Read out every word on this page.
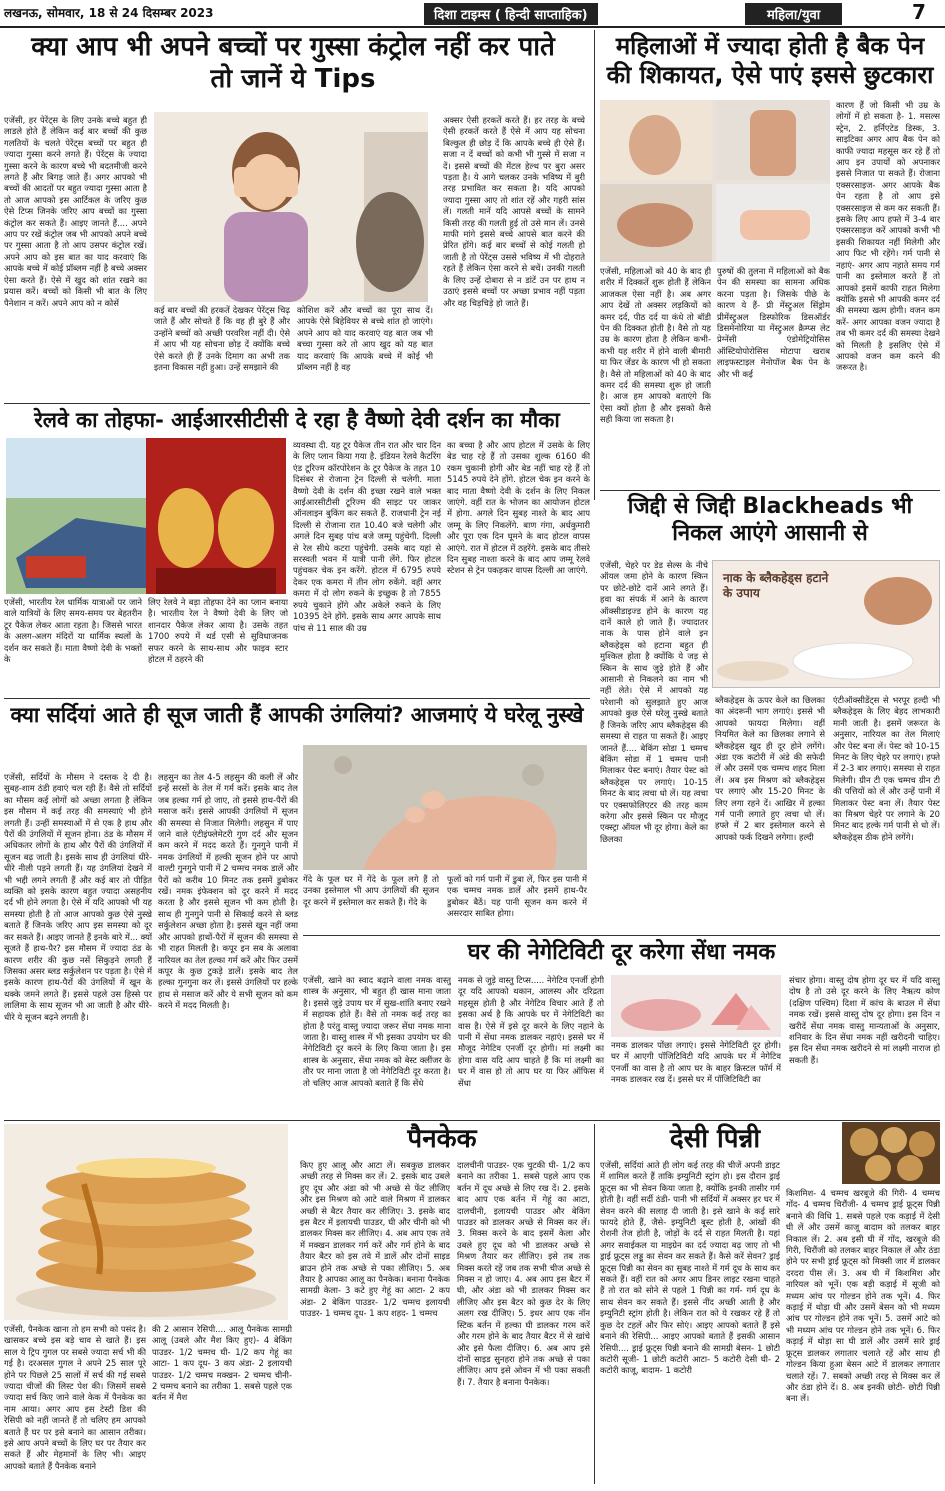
लखनऊ, सोमवार, 18 से 24 दिसम्बर 2023	दिशा टाइम्स ( हिन्दी साप्ताहिक)	महिला/युवा	7
क्या आप भी अपने बच्चों पर गुस्सा कंट्रोल नहीं कर पाते तो जानें ये Tips
एजेंसी, हर पेरेंट्स के लिए उनके बच्चे बहुत ही लाडले होते हैं लेकिन कई बार बच्चों की कुछ गलतियों के चलते पेरेंट्स बच्चों पर बहुत ही ज्यादा गुस्सा करने लगते हैं। पेरेंट्स के ज्यादा गुस्सा करने के कारण बच्चे भी बदतमीजी करने लगते हैं और बिगड़ जाते हैं। अगर आपको भी बच्चों की आदतों पर बहुत ज्यादा गुस्सा आता है तो आज आपको इस आर्टिकल के जरिए कुछ ऐसे टिप्स जिनके जरिए आप बच्चों का गुस्सा कंट्रोल कर सकते हैं। आइए जानते हैं.... अपने आप पर रखें कंट्रोल जब भी आपको अपने बच्चे पर गुस्सा आता है तो आप उसपर कंट्रोल रखें। अपने आप को इस बात का याद करवाएं कि आपके बच्चे में कोई प्रॉब्लम नहीं है बच्चे अक्सर ऐसा करते हैं। ऐसे में खुद को शांत रखने का प्रयास करें। बच्चों को किसी भी बात के लिए पैनेशान न करें। अपने आप को न कोसें
कई बार बच्चों की हरकतें देखकर पेरेंट्स चिढ़ जाते हैं और सोचते हैं कि वह ही बुरे हैं और उन्होंने बच्चों को अच्छी परवरिश नहीं दी। ऐसे में आप भी यह सोचना छोड़ दें क्योंकि बच्चे ऐसे करते ही हैं उनके दिमाग का अभी तक इतना विकास नहीं हुआ। उन्हें समझाने की
कोशिश करें और बच्चों का पूरा साथ दें। आपके ऐसे बिहेवियर से बच्चे शांत हो जाएंगे। अपने आप को याद करवाएं यह बात जब भी बच्चा गुस्सा करे तो आप खुद को यह बात याद करवाएं कि आपके बच्चे में कोई भी प्रॉब्लम नहीं है वह
अक्सर ऐसी हरकतें करते हैं। हर तरह के बच्चे ऐसी हरकतें करते हैं ऐसे में आप यह सोचना बिल्कुल ही छोड़ दें कि आपके बच्चे ही ऐसे हैं। सजा न दें बच्चों को कभी भी गुस्से में सजा न दें। इससे बच्चों की मेंटल हेल्थ पर बुरा असर पड़ता है। ये आगे चलकर उनके भविष्य में बुरी तरह प्रभावित कर सकता है। यदि आपको ज्यादा गुस्सा आए तो शांत रहें और गहरी सांस लें। गलती मानें यदि आपसे बच्चों के सामने किसी तरह की गलती हुई तो उसे मान लें। उनसे माफी मांगे इससे बच्चे आपसे बात करने की प्रेरित होंगे। कई बार बच्चों से कोई गलती हो जाती है तो पेरेंट्स उससे भविष्य में भी दोहराते रहते हैं लेकिन ऐसा करने से बचें। उनकी गलती के लिए उन्हें दोबारा से न डांटें उन पर हाथ न उठाएं इससे बच्चों पर अच्छा प्रभाव नहीं पड़ता और वह चिड़चिड़े हो जाते हैं।
महिलाओं में ज्यादा होती है बैक पेन की शिकायत, ऐसे पाएं इससे छुटकारा
एजेंसी, महिलाओं को 40 के बाद ही शरीर में दिक्कतें शुरू होती हैं लेकिन आजकल ऐसा नहीं है। अब अगर आप देखें तो अक्सर लड़कियों को कमर दर्द, पीठ दर्द या कंधे तो बॉडी पेन की दिक्कत होती है। वैसे तो यह उम्र के कारण होता है लेकिन कभी-कभी यह शरीर में होने वाली बीमारी या फिर जेंडर के कारण भी हो सकता है। वैसे तो महिलाओं को 40 के बाद कमर दर्द की समस्या शुरू हो जाती है। आज हम आपको बताएंगे कि ऐसा क्यों होता है और इसको कैसे सही किया जा सकता है।
पुरुषों की तुलना में महिलाओं को बैक पेन की समस्या का सामना अधिक करना पड़ता है। जिसके पीछे के कारण ये हैं- प्री मेंस्ट्रुअल सिंड्रोम प्रीमेंस्ट्रुअल डिस्फोरिक डिसऑर्डर डिसमेनोरिया या मेंस्ट्रुअल क्रैम्प्स लेट प्रेग्नेंसी एंडोमेट्रियोसिस ऑस्टियोपोरोसिस मोटापा खराब लाइफस्टाइल मेनोपॉज बैक पेन के और भी कई
कारण हैं जो किसी भी उम्र के लोगों में हो सकता है- 1. मसल्स स्ट्रेन, 2. हर्निएटेड डिस्क, 3. साइटिका अगर आप बैक पेन को काफी ज्यादा महसूस कर रहे हैं तो आप इन उपायों को अपनाकर इससे निजात पा सकते हैं। रोजाना एक्सरसाइज- अगर आपके बैक पेन रहता है तो आप इसे एक्सरसाइज से कम कर सकती हैं। इसके लिए आप हफ्ते में 3-4 बार एक्सरसाइज करें आपको कभी भी इसकी शिकायत नहीं मिलेगी और आप फिट भी रहेंगे। गर्म पानी से नहाएं- अगर आप नहाते समय गर्म पानी का इस्तेमाल करते हैं तो आपको इसमें काफी राहत मिलेगा क्योंकि इससे भी आपकी कमर दर्द की समस्या खत्म होगी। वजन कम करें- अगर आपका वजन ज्यादा है तब भी कमर दर्द की समस्या देखने को मिलती है इसलिए ऐसे में आपको वजन कम करने की जरूरत है।
रेलवे का तोहफा- आईआरसीटीसी दे रहा है वैष्णो देवी दर्शन का मौका
एजेंसी, भारतीय रेल धार्मिक यात्राओं पर जाने वाले यात्रियों के लिए समय-समय पर बेहतरीन टूर पैकेज लेकर आता रहता है। जिससे भारत के अलग-अलग मंदिरों या धार्मिक स्थलों के दर्शन कर सकते हैं। माता वैष्णो देवी के भक्तों के
लिए रेलवे ने बड़ा तोहफा देने का प्लान बनाया है। भारतीय रेल ने वैष्णो देवी के लिए जो शानदार पैकेज लेकर आया है। उसके तहत 1700 रुपये में थर्ड एसी से सुविधाजनक सफर करने के साथ-साथ और फाइव स्टार होटल में ठहरने की
व्यवस्था दी. यह टूर पैकेज तीन रात और चार दिन के लिए प्लान किया गया है. इंडियन रेलवे कैटरिंग एंड टूरिज्म कॉरपोरेशन के टूर पैकेज के तहत 10 दिसंबर से रोजाना ट्रेन दिल्ली से चलेगी. माता वैष्णो देवी के दर्शन की इच्छा रखने वाले भक्त आईआरसीटीसी टूरिज्म की साइट पर जाकर ऑनलाइन बुकिंग कर सकते हैं. राजधानी ट्रेन नई दिल्ली से रोजाना रात 10.40 बजे चलेगी और अगले दिन सुबह पांच बजे जम्मू पहुंचेगी. दिल्ली से रेल सीधे कटरा पहुंचेगी. उसके बाद यहां से सरस्वती भवन में यात्री पानी लेंगे. फिर होटल पहुंचकर चेक इन करेंगे. होटल में 6795 रुपये देकर एक कमरा में तीन लोग रुकेंगे. वहीं अगर कमरा में दो लोग रुकने के इच्छुक है तो 7855 रुपये चुकाने होंगे और अकेले रुकने के लिए 10395 देने होंगे. इसके साथ अगर आपके साथ पांच से 11 साल की उम्र
का बच्चा है और आप होटल में उसके के लिए बेड चाह रहे हैं तो उसका शुल्क 6160 की रकम चुकानी होगी और बेड नहीं चाह रहे हैं तो 5145 रुपये देने होंगे. होटल चेक इन करने के बाद माता वैष्णो देवी के दर्शन के लिए निकल जाएंगे. वहीं रात के भोजन का आयोजन होटल में होगा. अगले दिन सुबह नाश्ते के बाद आप जम्मू के लिए निकलेंगे. बाण गंगा, अर्धकुमारी और पूरा एक दिन घूमने के बाद होटल वापस आएंगे. रात में होटल में ठहरेंगे. इसके बाद तीसरे दिन सुबह नाश्ता करने के बाद आप जम्मू रेलवे स्टेशन से ट्रेन पकड़कर वापस दिल्ली आ जाएंगे.
जिद्दी से जिद्दी Blackheads भी निकल आएंगे आसानी से
नाक के ब्लैकहेड्स हटाने के उपाय
एजेंसी, चेहरे पर डेड सेल्स के नीचे ऑयल जमा होने के कारण स्किन पर छोटे-छोटे दानें आने लगते हैं। हवा का संपर्क में आने के कारण ऑक्सीडाइज्ड होने के कारण यह दानें काले हो जाते हैं। ज्यादातर नाक के पास होने वाले इन ब्लैकहेड्स को हटाना बहुत ही मुश्किल होता है क्योंकि ये जड़ से स्किन के साथ जुड़े होते हैं और आसानी से निकलने का नाम भी नहीं लेते। ऐसे में आपको यह परेशानी को सुलझाते हुए आज आपको कुछ ऐसे घरेलू नुस्खे बताते हैं जिनके जरिए आप ब्लैकहेड्स की समस्या से राहत पा सकते हैं। आइए जानते हैं.... बेकिंग सोडा 1 चम्मच बेकिंग सोडा में 1 चम्मच पानी मिलाकर पेस्ट बनाएं। तैयार पेस्ट को ब्लैकहेड्स पर लगाएं। 10-15 मिनट के बाद त्वचा धो लें। यह त्वचा पर एक्सफोलिएटर की तरह काम करेगा और इससे स्किन पर मौजूद एक्स्ट्रा ऑयल भी दूर होगा। केले का छिलका
ब्लैकहेड्स के ऊपर केले का छिलका का अंदरूनी भाग लगाएं। इससे भी आपको फायदा मिलेगा। वहीं नियमित केले का छिलका लगाने से ब्लैकहेड्स खुद ही दूर होने लगेंगे। अंडा एक कटोरी में अंडे की सफेदी लें और उसमें एक चम्मच शहद मिला लें। अब इस मिश्रण को ब्लैकहेड्स पर लगाएं और 15-20 मिनट के लिए लगा रहने दें। आखिर में हल्का गर्म पानी लगाते हुए त्वचा धो लें। हफ्ते में 2 बार इस्तेमाल करने से आपको फर्क दिखने लगेगा। हल्दी
एंटीऑक्सीडेंट्स से भरपूर हल्दी भी ब्लैकहेड्स के लिए बेहद लाभकारी मानी जाती है। इसमें जरूरत के अनुसार, नारियल का तेल मिलाएं और पेस्ट बना लें। पेस्ट को 10-15 मिनट के लिए चेहरे पर लगाएं। हफ्ते में 2-3 बार लगाएं। समस्या से राहत मिलेगी। ग्रीन टी एक चम्मच ग्रीन टी की पत्तियों को लें और उन्हें पानी में मिलाकर पेस्ट बना लें। तैयार पेस्ट का मिश्रण चेहरे पर लगाने के 20 मिनट बाद हल्के गर्म पानी से धो लें। ब्लैकहेड्स ठीक होने लगेंगे।
क्या सर्दियां आते ही सूज जाती हैं आपकी उंगलियां? आजमाएं ये घरेलू नुस्खे
एजेंसी, सर्दियों के मौसम ने दस्तक दे दी है। सुबह-शाम ठंडी हवाएं चल रही हैं। वैसे तो सर्दियों का मौसम कई लोगों को अच्छा लगता है लेकिन इस मौसम में कई तरह की समस्याएं भी होने लगती हैं। उन्हीं समस्याओं में से एक है हाथ और पैरों की उंगलियों में सूजन होना। ठंड के मौसम में अधिकतर लोगों के हाथ और पैरों की उंगलियों में सूजन बढ़ जाती है। इसके साथ ही उंगलियां धीरे-धीरे नीली पड़ने लगती हैं। यह उंगलियां देखने में भी भद्दी लगने लगती हैं और कई बार तो पीड़ित व्यक्ति को इसके कारण बहुत ज्यादा असहनीय दर्द भी होने लगता है। ऐसे में यदि आपको भी यह समस्या होती है तो आज आपको कुछ ऐसे नुस्खे बताते हैं जिनके जरिए आप इस समस्या को दूर कर सकते हैं। आइए जानते हैं इनके बारे में... क्यों सूजते हैं हाथ-पैर? इस मौसम में ज्यादा ठंड के कारण शरीर की कुछ नसें सिकुड़ने लगती हैं जिसका असर ब्लड सर्कुलेशन पर पड़ता है। ऐसे में इसके कारण हाथ-पैरों की उंगलियों में खून के थक्के जमने लगते हैं। इससे पहले उस हिस्से पर लालिमा के साथ सूजन भी आ जाती है और धीरे-धीरे ये सूजन बढ़ने लगती है।
लहसुन का तेल 4-5 लहसुन की कली लें और इन्हें सरसों के तेल में गर्म करें। इसके बाद तेल जब हल्का गर्म हो जाए, तो इससे हाथ-पैरों की मसाज करें। इससे आपकी उंगलियों में सूजन की समस्या से निजात मिलेगी। लहसुन में पाए जाने वाले एंटीइंफ्लेमेटरी गुण दर्द और सूजन कम करने में मदद करते हैं। गुनगुने पानी में नमक उंगलियों में हल्की सूजन होने पर आपो वाल्टी गुनगुने पानी में 2 चम्मच नमक डालें और पैरों को करीब 10 मिनट तक इसमें डुबोकर रखें। नमक इंफेक्शन को दूर करने में मदद करता है और इससे सूजन भी कम होती है। साथ ही गुनगुने पानी से सिकाई करने से ब्लड सर्कुलेशन अच्छा होता है। इससे खून नहीं जमा और आपको हाथों-पैरों में सूजन की समस्या से भी राहत मिलती है। कपूर इन सब के अलावा नारियल का तेल हल्का गर्म करें और फिर उसमें कपूर के कुछ टुकड़े डालें। इसके बाद तेल हल्का गुनगुना कर लें। इससे उंगलियों पर हल्के हाथ से मसाज करें और ये सभी सूजन को कम करने में मदद मिलती है।
गेंदे के फूल घर में गेंदे के फूल लगे हैं तो उनका इस्तेमाल भी आप उंगलियों की सूजन दूर करने में इस्तेमाल कर सकते हैं। गेंदे के
फूलों को गर्म पानी में डुबा लें, फिर इस पानी में एक चम्मच नमक डालें और इसमें हाथ-पैर डुबोकर बैठें। यह पानी सूजन कम करने में असरदार साबित होगा।
घर की नेगेटिविटी दूर करेगा सेंधा नमक
एजेंसी, खाने का स्वाद बढ़ाने वाला नमक वास्तु शास्त्र के अनुसार, भी बहुत ही खास माना जाता है। इससे जुड़े उपाय घर में सुख-शांति बनाए रखने में सहायक होते हैं। वैसे तो नमक कई तरह का होता है परंतु वास्तु ज्यादा जरूर सेंधा नमक माना जाता है। वास्तु शास्त्र में भी इसका उपयोग घर की नेगेटिविटी दूर करने के लिए किया जाता है। इस शास्त्र के अनुसार, सेंधा नमक को बेस्ट क्लींजर के तौर पर माना जाता है जो नेगेटिविटी दूर करता है। तो चलिए आज आपको बताते हैं कि सेंधे
नमक से जुड़े वास्तु टिप्स..... नेगेटिव एनर्जी होगी दूर यदि आपको थकान, आलस्य और दरिद्रता महसूस होती है और नेगेटिव विचार आते हैं तो इसका अर्थ है कि आपके घर में नेगेटिविटी का वास है। ऐसे में इसे दूर करने के लिए नहाने के पानी में सेंधा नमक डालकर नहाएं। इससे घर में मौजूद नेगेटिव एनर्जी दूर होगी। मां लक्ष्मी का होगा वास यदि आप चाहते हैं कि मां लक्ष्मी का घर में वास हो तो आप घर या फिर ऑफिस में सेंधा
नमक डालकर पोंछा लगाएं। इससे नेगेटिविटी दूर होगी। घर में आएगी पॉजिटिविटी यदि आपके घर में नेगेटिव एनर्जी का वास है तो आप घर के बाहर क्रिस्टल फॉर्म में नमक डालकर रख दें। इससे घर में पॉजिटिविटी का
संचार होगा। वास्तु दोष होगा दूर घर में यदि वास्तु दोष है तो उसे दूर करने के लिए नैऋत्य कोण (दक्षिण पश्चिम) दिशा में कांच के बाउल में सेंधा नमक रखें। इससे वास्तु दोष दूर होगा। इस दिन न खरीदें सेंधा नमक वास्तु मान्यताओं के अनुसार, शनिवार के दिन सेंधा नमक नहीं खरीदनी चाहिए। इस दिन सेंधा नमक खरीदने से मां लक्ष्मी नाराज हो सकती हैं।
पैनकेक
एजेंसी, पैनकेक खाना तो हम सभी को पसंद है। खासकर बच्चे इस बड़े चाव से खाते हैं। इस साल ये ट्रिप गुगल पर सबसे ज्यादा सर्च भी की गई है। दरअसल गुगल ने अपने 25 साल पूरे होने पर पिछले 25 सालों में सर्च की गई सबसे ज्यादा चीजों की लिस्ट पेश की। जिसमें सबसे ज्यादा सर्च किए जाने वाले केक में पैनकेक का नाम आया। अगर आप इस टेस्टी डिश की रेसिपी को नहीं जानते हैं तो चलिए हम आपको बताते हैं घर पर इसे बनाने का आसान तरीका। इसे आप अपने बच्चों के लिए घर पर तैयार कर सकते हैं और मेहमानों के लिए भी। आइए आपको बताते हैं पैनकेक बनाने
की 2 आसान रेसिपी.... आलू पैनकेक सामग्री आलू (उबले और मैश किए हुए)- 4 बेकिंग पाउडर- 1/2 चम्मच घी- 1/2 कप गेहूं का आटा- 1 कप दूध- 3 कप अंडा- 2 इलायची पाउडर- 1/2 चम्मच मक्खन- 2 चम्मच चीनी- 2 चम्मच बनाने का तरीका 1. सबसे पहले एक बर्तन में मैश
किए हुए आलू और आटा लें। सबकुछ डालकर अच्छी तरह से मिक्स कर लें। 2. इसके बाद उबले हुए दूध और अंडा को भी अच्छे से फेंट लीजिए और इस मिश्रण को आटे वाले मिश्रण में डालकर अच्छी से बैटर तैयार कर लीजिए। 3. इसके बाद इस बैटर में इलायची पाउडर, घी और चीनी को भी डालकर मिक्स कर लीजिए। 4. अब आप एक तवे में मक्खन डालकर गर्म करें और गर्म होने के बाद तैयार बैटर को इस तवे में डालें और दोनों साइड ब्राउन होने तक अच्छे से पका लीजिए। 5. अब तैयार है आपका आलू का पैनकेक। बनाना पैनकेक सामग्री केला- 3 कटे हुए गेहूं का आटा- 2 कप अंडा- 2 बेकिंग पाउडर- 1/2 चम्मच इलायची पाउडर- 1 चम्मच दूध- 1 कप शहद- 1 चम्मच
दालचीनी पाउडर- एक चुटकी घी- 1/2 कप बनाने का तरीका 1. सबसे पहले आप एक बर्तन में दूध अच्छे से लिए रख दें। 2. इसके बाद आप एक बर्तन में गेहूं का आटा, दालचीनी, इलायची पाउडर और बेकिंग पाउडर को डालकर अच्छे से मिक्स कर लें। 3. मिक्स करने के बाद इसमें केला और उबले हुए दूध को भी डालकर अच्छे से मिश्रण तैयार कर लीजिए। इसे तब तक मिक्स करते रहें जब तक सभी चीज अच्छे से मिक्स न हो जाए। 4. अब आप इस बैटर में घी, और अंडा को भी डालकर मिक्स कर लीजिए और इस बैटर को कुछ देर के लिए अलग रख दीजिए। 5. इधर आप एक नॉन स्टिक बर्तन में हल्का घी डालकर गरम करें और गरम होने के बाद तैयार बैटर में से खांचे और इसे फैला दीजिए। 6. अब आप इसे दोनों साइड सुनहरा होने तक अच्छे से पका लीजिए। आप इसे ओवन में भी पका सकती हैं। 7. तैयार है बनाना पैनकेक।
देसी पिन्नी
एजेंसी, सर्दियां आते ही लोग कई तरह की चीजें अपनी डाइट में शामिल करते हैं ताकि इम्युनिटी स्ट्रांग हो। इस दौरान ड्राई फ्रूट्स का भी सेवन किया जाता है, क्योंकि इनकी तासीर गर्म होती है। वहीं सर्दी ठंडी- पानी भी सर्दियों में अक्सर हर घर में सेवन करने की सलाह दी जाती है। इसे खाने के कई सारे फायदे होते हैं, जैसे- इम्युनिटी बूस्ट होती है, आंखों की रोशनी तेज होती है, जोड़ों के दर्द से राहत मिलती है। यहां अगर सवाईकल या माइग्रेन का दर्द ज्यादा बढ़ जाए तो भी ड्राई फ्रूट्स लड्डू का सेवन कर सकते हैं। कैसे करें सेवन? ड्राई फ्रूट्स पिन्नी का सेवन का सुबह नाश्ते में गर्म दूध के साथ कर सकते हैं। वहीं रात को अगर आप डिनर लाइट रखना चाहते हैं तो रात को सोने से पहले 1 पिन्नी का गर्म- गर्म दूध के साथ सेवन कर सकते हैं। इससे नींद अच्छी आती है और इम्युनिटी स्ट्रांग होती है। लेकिन रात को ये रखकर रहे हैं तो कुछ देर टहलें और फिर सोएं। आइए आपको बताते हैं इसे बनाने की रेसिपी... आइए आपको बताते हैं इसकी आसान रेसिपी.... ड्राई फ्रूट्स पिन्नी बनाने की सामग्री बेसन- 1 छोटी कटोरी सूजी- 1 छोटी कटोरी आटा- 5 कटोरी देसी घी- 2 कटोरी काजू, बादाम- 1 कटोरी
किशमिश- 4 चम्मच खरबूजे की गिरी- 4 चम्मच गोंद- 4 चम्मच चिरौंजी- 4 चम्मच ड्राई फ्रूट्स पिन्नी बनाने की विधि 1. सबसे पहले एक कड़ाई में देसी घी लें और उसमें काजू बादाम को तलकर बाहर निकाल लें। 2. अब इसी घी में गोंद, खरबूजे की गिरी, चिरौंजी को तलकर बाहर निकाल लें और ठंडा होने पर सभी ड्राई फ्रूट्स को मिक्सी जार में डालकर दरदरा पीस लें। 3. अब घी में किशमिश और नारियल को भूनें। एक बड़ी कड़ाई में सूजी को मध्यम आंच पर गोल्डन होने तक भूनें। 4. फिर कड़ाई में थोड़ा घी और उसमें बेसन को भी मध्यम आंच पर गोल्डन होने तक भूनें। 5. उसमें आटे को भी मध्यम आंच पर गोल्डन होने तक भूनें। 6. फिर कड़ाई में थोड़ा सा घी डालें और उसमें सारे ड्राई फ्रूट्स डालकर लगातार चलाते रहें और साथ ही गोल्डन किया हुआ बेसन आटे में डालकर लगातार चलाते रहें। 7. सबको अच्छी तरह से मिक्स कर लें और ठंडा होने दें। 8. अब इनकी छोटी- छोटी पिन्नी बना लें।
